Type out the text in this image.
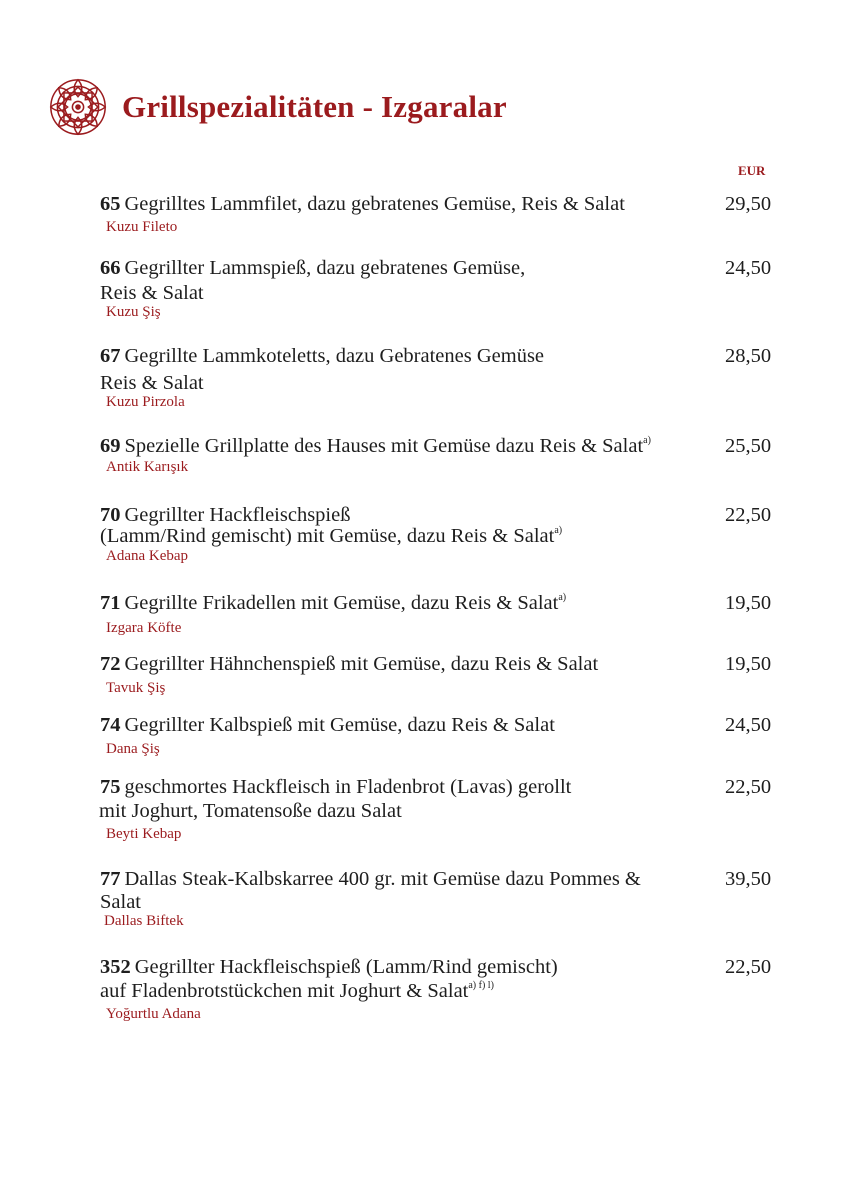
Grillspezialitäten - Izgaralar
EUR
65 Gegrilltes Lammfilet, dazu gebratenes Gemüse, Reis & Salat	29,50
Kuzu Fileto
66 Gegrillter Lammspieß, dazu gebratenes Gemüse,
Reis & Salat
24,50
Kuzu Şiş
67 Gegrillte Lammkoteletts, dazu Gebratenes Gemüse
Reis & Salat
28,50
Kuzu Pirzola
69 Spezielle Grillplatte des Hauses mit Gemüse dazu Reis & Salat$^{a)}$	25,50
Antik Karışık
70 Gegrillter Hackfleischspieß
(Lamm/Rind gemischt) mit Gemüse, dazu Reis & Salat$^{a)}$
22,50
Adana Kebap
71 Gegrillte Frikadellen mit Gemüse, dazu Reis & Salat$^{a)}$	19,50
Izgara Köfte
72 Gegrillter Hähnchenspieß mit Gemüse, dazu Reis & Salat	19,50
Tavuk Şiş
74 Gegrillter Kalbspieß mit Gemüse, dazu Reis & Salat	24,50
Dana Şiş
75 geschmortes Hackfleisch in Fladenbrot (Lavas) gerollt
mit Joghurt, Tomatensoße dazu Salat
22,50
Beyti Kebap
77 Dallas Steak-Kalbskarree 400 gr. mit Gemüse dazu Pommes &
Salat
39,50
Dallas Biftek
352 Gegrillter Hackfleischspieß (Lamm/Rind gemischt)
auf Fladenbrotstückchen mit Joghurt & Salat$^{a) f) l)}$
22,50
Yoğurtlu Adana
